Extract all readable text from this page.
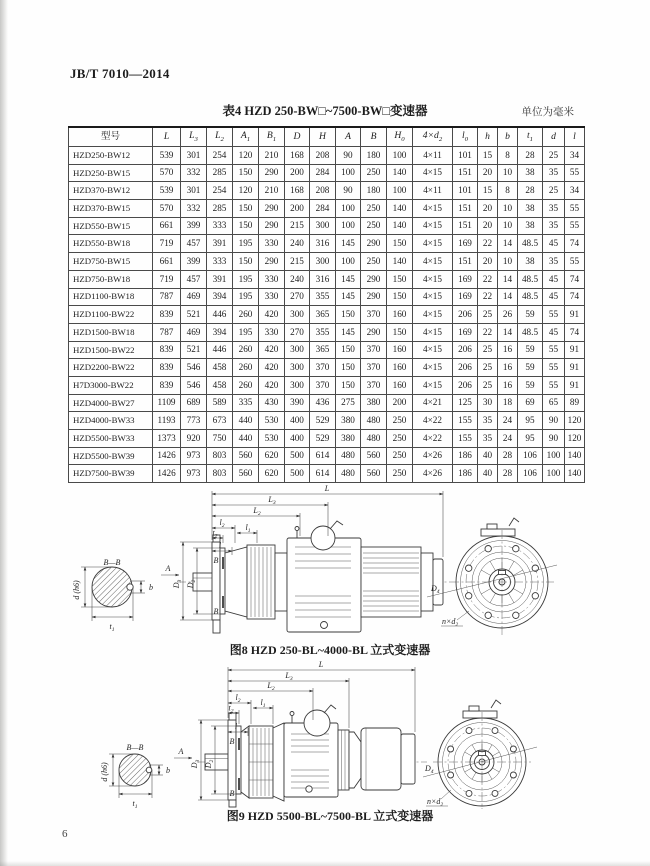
JB/T 7010—2014
表4 HZD 250-BW□~7500-BW□变速器	单位为毫米
型号	L	$L_3$	$L_2$	$A_1$	$B_1$	D	H	A	B	$H_0$	$4\times d_2$	$l_0$	h	b	$t_1$	d	l
HZD250-BW12	539	301	254	120	210	168	208	90	180	100	4×11	101	15	8	28	25	34
HZD250-BW15	570	332	285	150	290	200	284	100	250	140	4×15	151	20	10	38	35	55
HZD370-BW12	539	301	254	120	210	168	208	90	180	100	4×11	101	15	8	28	25	34
HZD370-BW15	570	332	285	150	290	200	284	100	250	140	4×15	151	20	10	38	35	55
HZD550-BW15	661	399	333	150	290	215	300	100	250	140	4×15	151	20	10	38	35	55
HZD550-BW18	719	457	391	195	330	240	316	145	290	150	4×15	169	22	14	48.5	45	74
HZD750-BW15	661	399	333	150	290	215	300	100	250	140	4×15	151	20	10	38	35	55
HZD750-BW18	719	457	391	195	330	240	316	145	290	150	4×15	169	22	14	48.5	45	74
HZD1100-BW18	787	469	394	195	330	270	355	145	290	150	4×15	169	22	14	48.5	45	74
HZD1100-BW22	839	521	446	260	420	300	365	150	370	160	4×15	206	25	26	59	55	91
HZD1500-BW18	787	469	394	195	330	270	355	145	290	150	4×15	169	22	14	48.5	45	74
HZD1500-BW22	839	521	446	260	420	300	365	150	370	160	4×15	206	25	16	59	55	91
HZD2200-BW22	839	546	458	260	420	300	370	150	370	160	4×15	206	25	16	59	55	91
H7D3000-BW22	839	546	458	260	420	300	370	150	370	160	4×15	206	25	16	59	55	91
HZD4000-BW27	1109	689	589	335	430	390	436	275	380	200	4×21	125	30	18	69	65	89
HZD4000-BW33	1193	773	673	440	530	400	529	380	480	250	4×22	155	35	24	95	90	120
HZD5500-BW33	1373	920	750	440	530	400	529	380	480	250	4×22	155	35	24	95	90	120
HZD5500-BW39	1426	973	803	560	620	500	614	480	560	250	4×26	186	40	28	106	100	140
HZD7500-BW39	1426	973	803	560	620	500	614	480	560	250	4×26	186	40	28	106	100	140
B—B
d (h6)
$t_1$
b
A
L
$L_3$
$L_2$
$l_2$
$t_2$
$l_1$
l
B
B
$D_3$
$D_2$
$D_4$
$n\times d_2$
图8 HZD 250-BL~4000-BL 立式变速器
B—B
d (h6)
$t_1$
b
A
L
$L_3$
$L_2$
$l_2$
$t_2$
$l_1$
l
B
B
$D_3$
$D_2$
$D_4$
$n\times d_2$
图9 HZD 5500-BL~7500-BL 立式变速器
6
